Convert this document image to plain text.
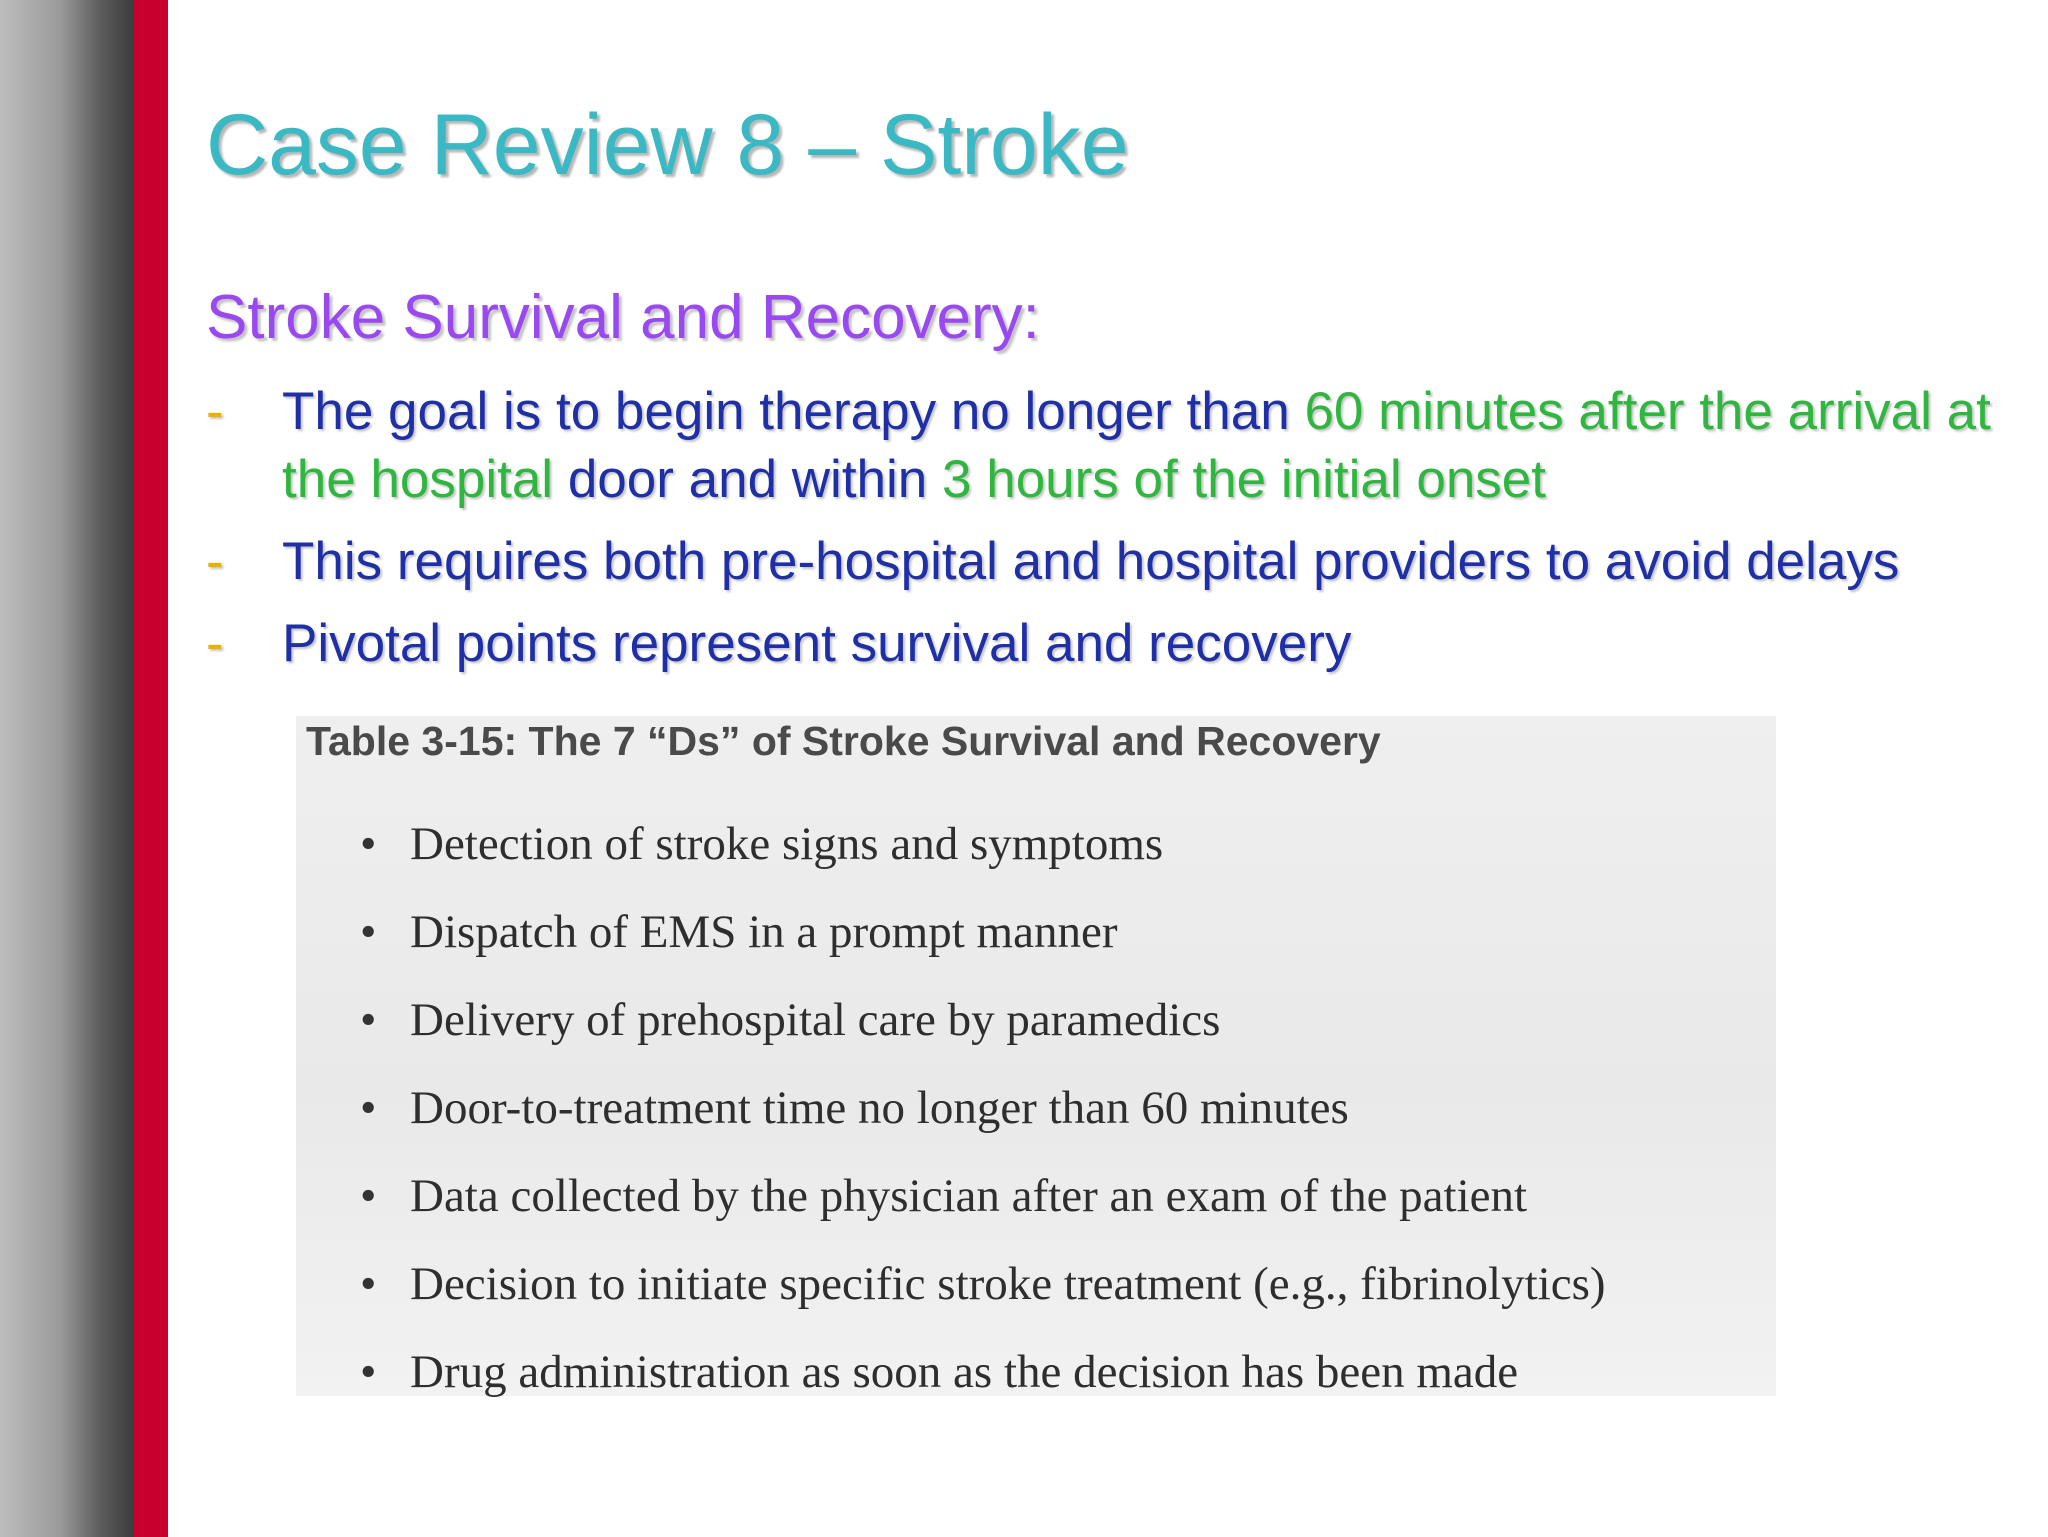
Case Review 8 – Stroke
Stroke Survival and Recovery:
- The goal is to begin therapy no longer than 60 minutes after the arrival at the hospital door and within 3 hours of the initial onset
- This requires both pre-hospital and hospital providers to avoid delays
- Pivotal points represent survival and recovery

Table 3-15: The 7 “Ds” of Stroke Survival and Recovery

• Detection of stroke signs and symptoms
• Dispatch of EMS in a prompt manner
• Delivery of prehospital care by paramedics
• Door-to-treatment time no longer than 60 minutes
• Data collected by the physician after an exam of the patient
• Decision to initiate specific stroke treatment (e.g., fibrinolytics)
• Drug administration as soon as the decision has been made
